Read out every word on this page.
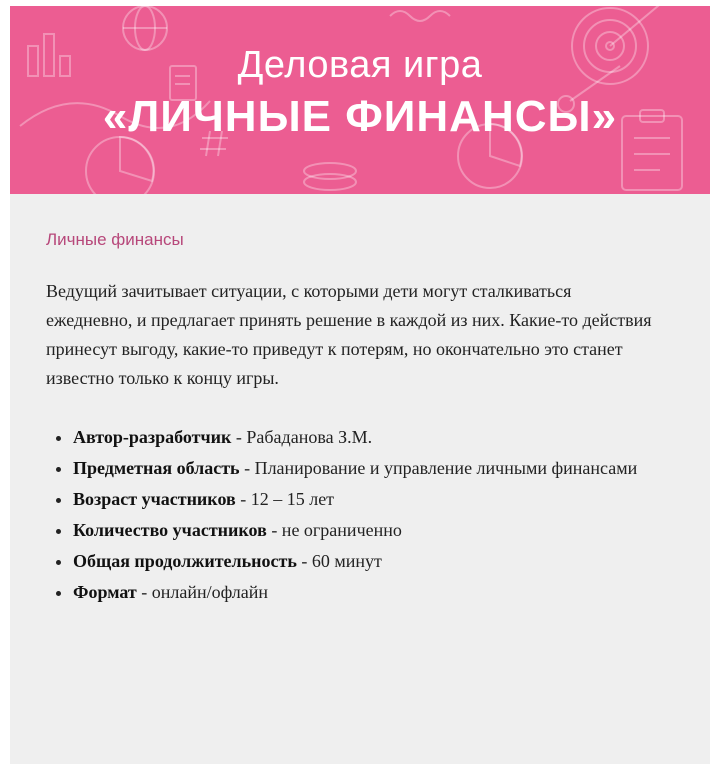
Деловая игра
«ЛИЧНЫЕ ФИНАНСЫ»
Личные финансы

Ведущий зачитывает ситуации, с которыми дети могут сталкиваться ежедневно, и предлагает принять решение в каждой из них. Какие-то действия принесут выгоду, какие-то приведут к потерям, но окончательно это станет известно только к концу игры.

• Автор-разработчик - Рабаданова З.М.
• Предметная область - Планирование и управление личными финансами
• Возраст участников - 12 – 15 лет
• Количество участников - не ограниченно
• Общая продолжительность - 60 минут
• Формат - онлайн/офлайн
